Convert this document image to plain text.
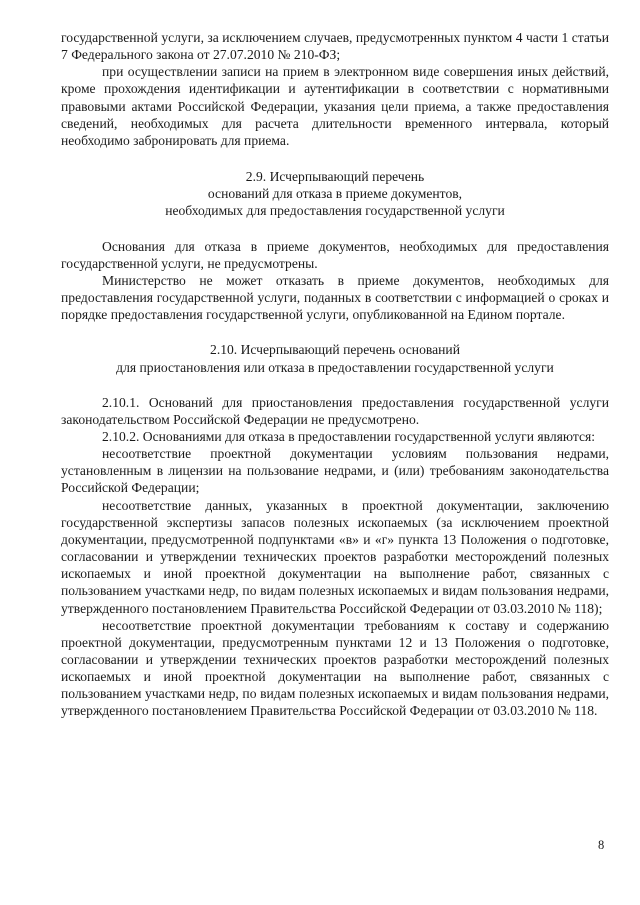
государственной услуги, за исключением случаев, предусмотренных пунктом 4 части 1 статьи 7 Федерального закона от 27.07.2010 № 210-ФЗ;

при осуществлении записи на прием в электронном виде совершения иных действий, кроме прохождения идентификации и аутентификации в соответствии с нормативными правовыми актами Российской Федерации, указания цели приема, а также предоставления сведений, необходимых для расчета длительности временного интервала, который необходимо забронировать для приема.

2.9. Исчерпывающий перечень

оснований для отказа в приеме документов,

необходимых для предоставления государственной услуги

Основания для отказа в приеме документов, необходимых для предоставления государственной услуги, не предусмотрены.

Министерство не может отказать в приеме документов, необходимых для предоставления государственной услуги, поданных в соответствии с информацией о сроках и порядке предоставления государственной услуги, опубликованной на Едином портале.

2.10. Исчерпывающий перечень оснований

для приостановления или отказа в предоставлении государственной услуги

2.10.1. Оснований для приостановления предоставления государственной услуги законодательством Российской Федерации не предусмотрено.

2.10.2. Основаниями для отказа в предоставлении государственной услуги являются:

несоответствие проектной документации условиям пользования недрами, установленным в лицензии на пользование недрами, и (или) требованиям законодательства Российской Федерации;

несоответствие данных, указанных в проектной документации, заключению государственной экспертизы запасов полезных ископаемых (за исключением проектной документации, предусмотренной подпунктами «в» и «г» пункта 13 Положения о подготовке, согласовании и утверждении технических проектов разработки месторождений полезных ископаемых и иной проектной документации на выполнение работ, связанных с пользованием участками недр, по видам полезных ископаемых и видам пользования недрами, утвержденного постановлением Правительства Российской Федерации от 03.03.2010 № 118);

несоответствие проектной документации требованиям к составу и содержанию проектной документации, предусмотренным пунктами 12 и 13 Положения о подготовке, согласовании и утверждении технических проектов разработки месторождений полезных ископаемых и иной проектной документации на выполнение работ, связанных с пользованием участками недр, по видам полезных ископаемых и видам пользования недрами, утвержденного постановлением Правительства Российской Федерации от 03.03.2010 № 118.

8
